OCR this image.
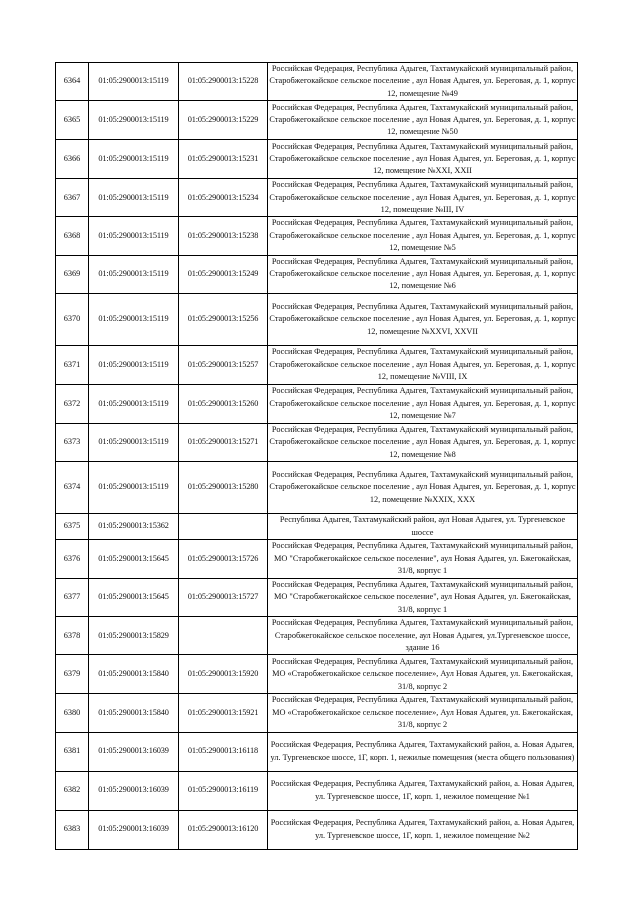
6364	01:05:2900013:15119	01:05:2900013:15228	Российская Федерация, Республика Адыгея, Тахтамукайский муниципальный район, Старобжегокайское сельское поселение , аул Новая Адыгея, ул. Береговая, д. 1, корпус 12, помещение №49
6365	01:05:2900013:15119	01:05:2900013:15229	Российская Федерация, Республика Адыгея, Тахтамукайский муниципальный район, Старобжегокайское сельское поселение , аул Новая Адыгея, ул. Береговая, д. 1, корпус 12, помещение №50
6366	01:05:2900013:15119	01:05:2900013:15231	Российская Федерация, Республика Адыгея, Тахтамукайский муниципальный район, Старобжегокайское сельское поселение , аул Новая Адыгея, ул. Береговая, д. 1, корпус 12, помещение №XXI, XXII
6367	01:05:2900013:15119	01:05:2900013:15234	Российская Федерация, Республика Адыгея, Тахтамукайский муниципальный район, Старобжегокайское сельское поселение , аул Новая Адыгея, ул. Береговая, д. 1, корпус 12, помещение №III, IV
6368	01:05:2900013:15119	01:05:2900013:15238	Российская Федерация, Республика Адыгея, Тахтамукайский муниципальный район, Старобжегокайское сельское поселение , аул Новая Адыгея, ул. Береговая, д. 1, корпус 12, помещение №5
6369	01:05:2900013:15119	01:05:2900013:15249	Российская Федерация, Республика Адыгея, Тахтамукайский муниципальный район, Старобжегокайское сельское поселение , аул Новая Адыгея, ул. Береговая, д. 1, корпус 12, помещение №6
6370	01:05:2900013:15119	01:05:2900013:15256	Российская Федерация, Республика Адыгея, Тахтамукайский муниципальный район, Старобжегокайское сельское поселение , аул Новая Адыгея, ул. Береговая, д. 1, корпус 12, помещение №XXVI, XXVII
6371	01:05:2900013:15119	01:05:2900013:15257	Российская Федерация, Республика Адыгея, Тахтамукайский муниципальный район, Старобжегокайское сельское поселение , аул Новая Адыгея, ул. Береговая, д. 1, корпус 12, помещение №VIII, IX
6372	01:05:2900013:15119	01:05:2900013:15260	Российская Федерация, Республика Адыгея, Тахтамукайский муниципальный район, Старобжегокайское сельское поселение , аул Новая Адыгея, ул. Береговая, д. 1, корпус 12, помещение №7
6373	01:05:2900013:15119	01:05:2900013:15271	Российская Федерация, Республика Адыгея, Тахтамукайский муниципальный район, Старобжегокайское сельское поселение , аул Новая Адыгея, ул. Береговая, д. 1, корпус 12, помещение №8
6374	01:05:2900013:15119	01:05:2900013:15280	Российская Федерация, Республика Адыгея, Тахтамукайский муниципальный район, Старобжегокайское сельское поселение , аул Новая Адыгея, ул. Береговая, д. 1, корпус 12, помещение №XXIX, XXX
6375	01:05:2900013:15362		Республика Адыгея, Тахтамукайский район, аул Новая Адыгея, ул. Тургеневское шоссе
6376	01:05:2900013:15645	01:05:2900013:15726	Российская Федерация, Республика Адыгея, Тахтамукайский муниципальный район, МО "Старобжегокайское сельское поселение", аул Новая Адыгея, ул. Бжегокайская, 31/8, корпус 1
6377	01:05:2900013:15645	01:05:2900013:15727	Российская Федерация, Республика Адыгея, Тахтамукайский муниципальный район, МО "Старобжегокайское сельское поселение", аул Новая Адыгея, ул. Бжегокайская, 31/8, корпус 1
6378	01:05:2900013:15829		Российская Федерация, Республика Адыгея, Тахтамукайский муниципальный район, Старобжегокайское сельское поселение, аул Новая Адыгея, ул.Тургеневское шоссе, здание 16
6379	01:05:2900013:15840	01:05:2900013:15920	Российская Федерация, Республика Адыгея, Тахтамукайский муниципальный район, МО «Старобжегокайское сельское поселение», Аул Новая Адыгея, ул. Бжегокайская, 31/8, корпус 2
6380	01:05:2900013:15840	01:05:2900013:15921	Российская Федерация, Республика Адыгея, Тахтамукайский муниципальный район, МО «Старобжегокайское сельское поселение», Аул Новая Адыгея, ул. Бжегокайская, 31/8, корпус 2
6381	01:05:2900013:16039	01:05:2900013:16118	Российская Федерация, Республика Адыгея, Тахтамукайский район, а. Новая Адыгея, ул. Тургеневское шоссе, 1Г, корп. 1, нежилые помещения (места общего пользования)
6382	01:05:2900013:16039	01:05:2900013:16119	Российская Федерация, Республика Адыгея, Тахтамукайский район, а. Новая Адыгея, ул. Тургеневское шоссе, 1Г, корп. 1, нежилое помещение №1
6383	01:05:2900013:16039	01:05:2900013:16120	Российская Федерация, Республика Адыгея, Тахтамукайский район, а. Новая Адыгея, ул. Тургеневское шоссе, 1Г, корп. 1, нежилое помещение №2
